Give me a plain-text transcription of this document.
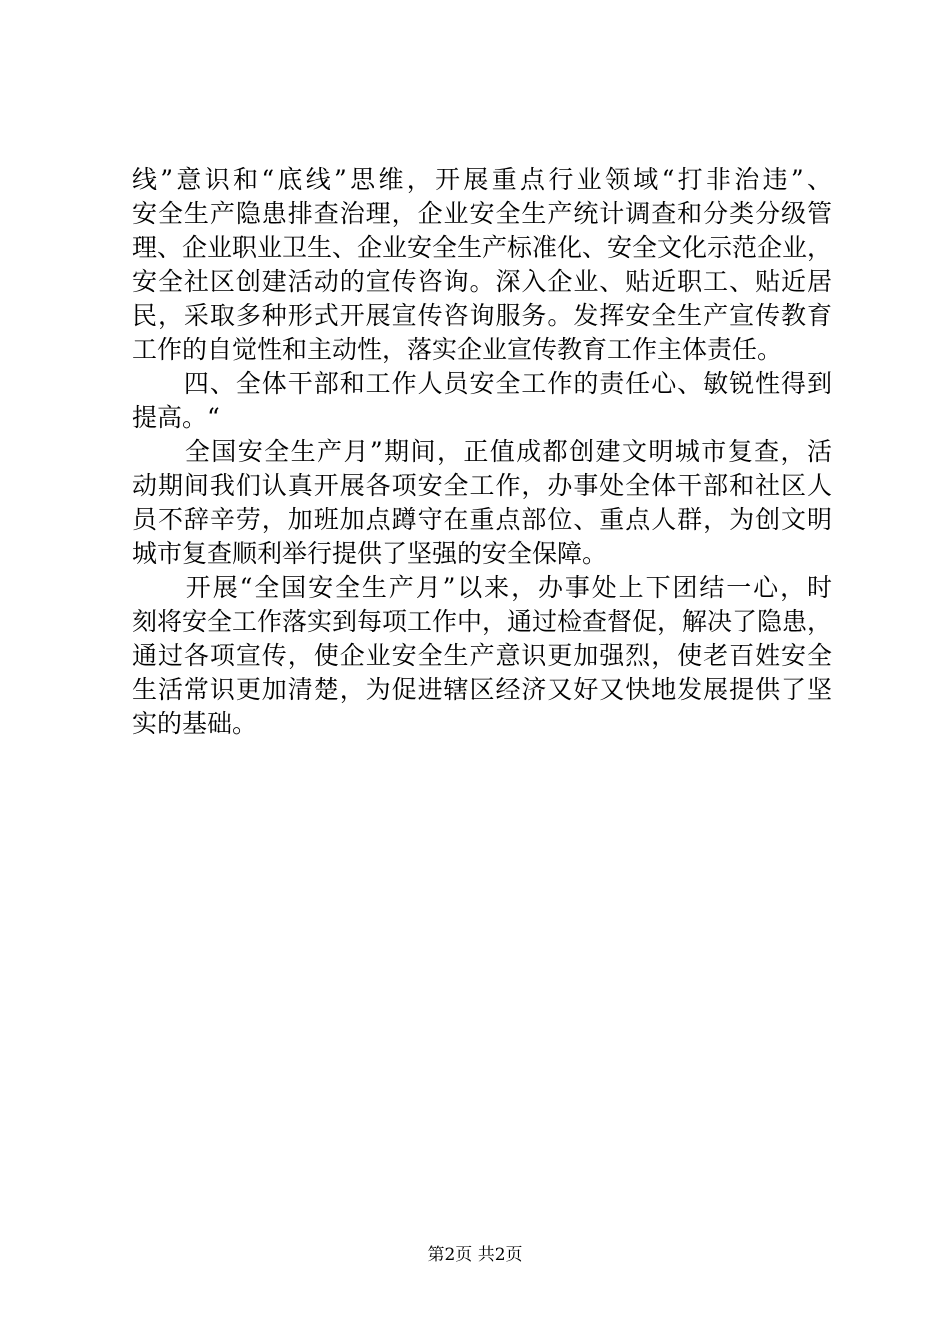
线”意识和“底线”思维，开展重点行业领域“打非治违”、
安全生产隐患排查治理，企业安全生产统计调查和分类分级管
理、企业职业卫生、企业安全生产标准化、安全文化示范企业，
安全社区创建活动的宣传咨询。深入企业、贴近职工、贴近居
民，采取多种形式开展宣传咨询服务。发挥安全生产宣传教育
工作的自觉性和主动性，落实企业宣传教育工作主体责任。
　　四、全体干部和工作人员安全工作的责任心、敏锐性得到
提高。“
　　全国安全生产月”期间，正值成都创建文明城市复查，活
动期间我们认真开展各项安全工作，办事处全体干部和社区人
员不辞辛劳，加班加点蹲守在重点部位、重点人群，为创文明
城市复查顺利举行提供了坚强的安全保障。
　　开展“全国安全生产月”以来，办事处上下团结一心，时
刻将安全工作落实到每项工作中，通过检查督促，解决了隐患，
通过各项宣传，使企业安全生产意识更加强烈，使老百姓安全
生活常识更加清楚，为促进辖区经济又好又快地发展提供了坚
实的基础。
第2页 共2页
